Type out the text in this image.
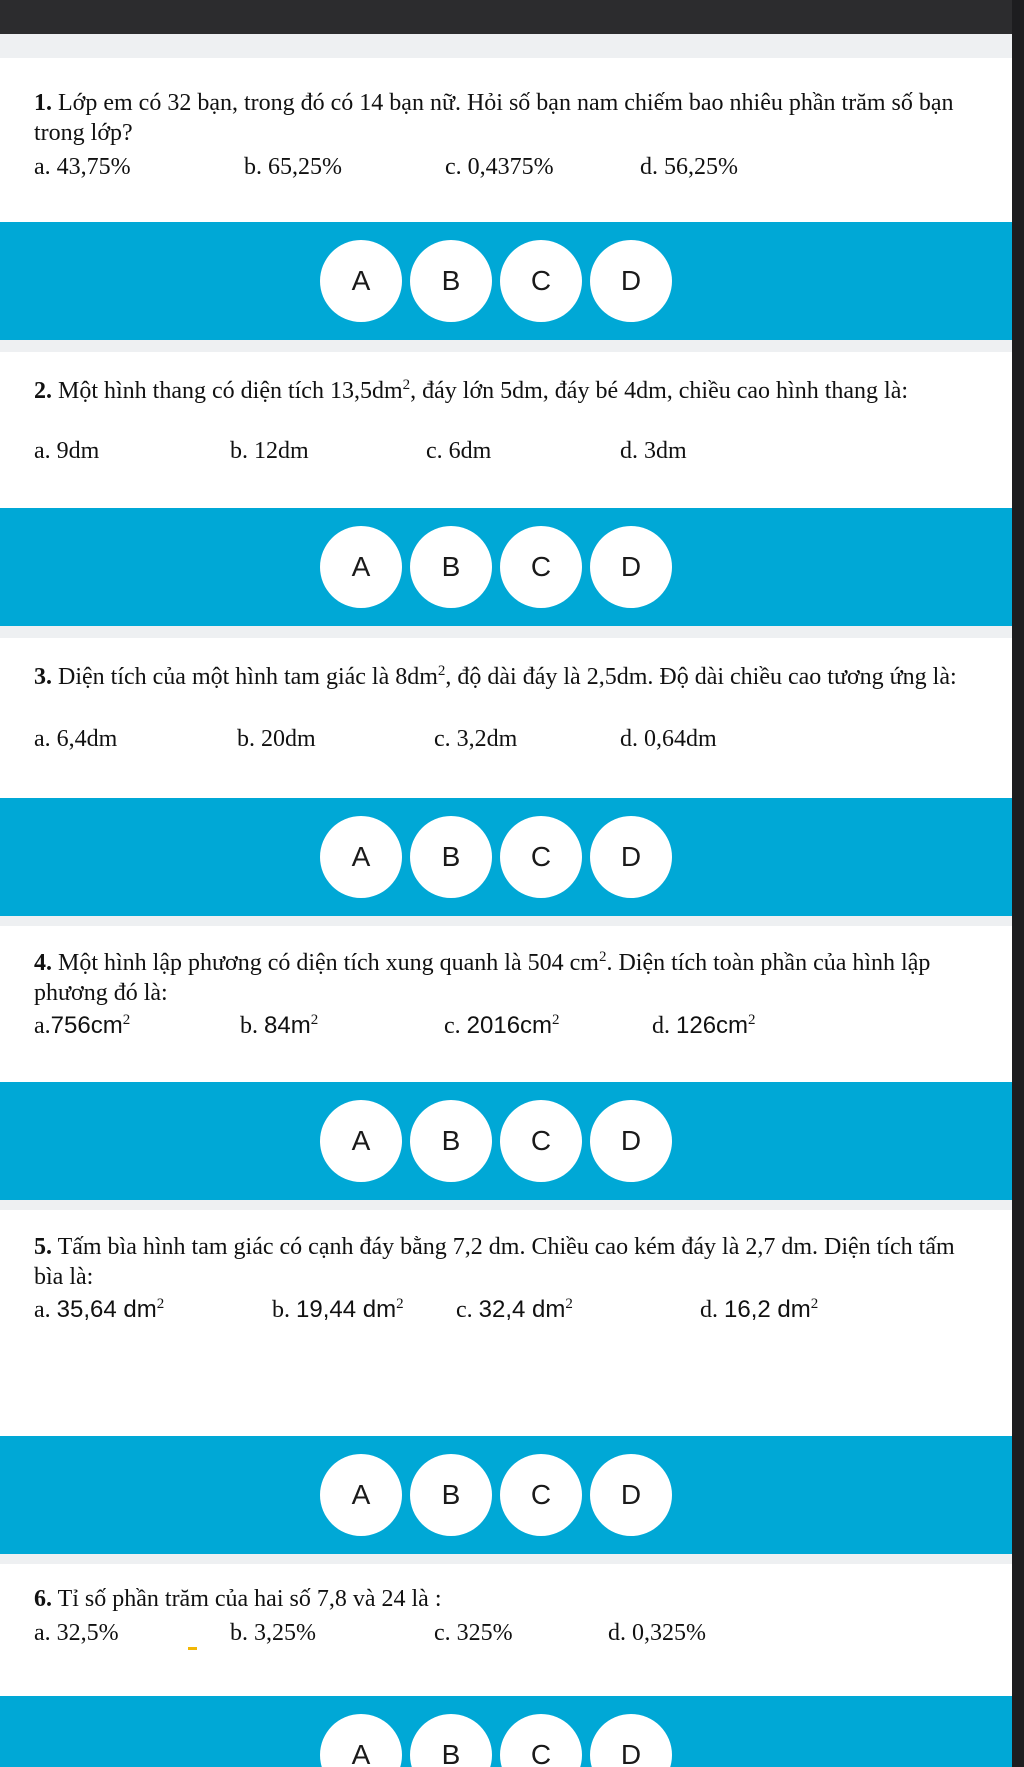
1. Lớp em có 32 bạn, trong đó có 14 bạn nữ. Hỏi số bạn nam chiếm bao nhiêu phần trăm số bạn trong lớp?
a. 43,75%	b. 65,25%	c. 0,4375%	d. 56,25%
A	B	C	D
2. Một hình thang có diện tích $13,5dm^2$, đáy lớn 5dm, đáy bé 4dm, chiều cao hình thang là:
a. 9dm	b. 12dm	c. 6dm	d. 3dm
A	B	C	D
3. Diện tích của một hình tam giác là $8dm^2$, độ dài đáy là 2,5dm. Độ dài chiều cao tương ứng là:
a. 6,4dm	b. 20dm	c. 3,2dm	d. 0,64dm
A	B	C	D
4. Một hình lập phương có diện tích xung quanh là 504 $cm^2$. Diện tích toàn phần của hình lập phương đó là:
$a.756cm^2$	b. $84m^2$	c. $2016cm^2$	d. $126cm^2$
A	B	C	D
5. Tấm bìa hình tam giác có cạnh đáy bằng 7,2 dm. Chiều cao kém đáy là 2,7 dm. Diện tích tấm bìa là:
a. 35,64 $dm^2$	b. 19,44 $dm^2$ c. 32,4 $dm^2$	d. 16,2 $dm^2$
A	B	C	D
6. Tỉ số phần trăm của hai số 7,8 và 24 là :
a. 32,5%	b. 3,25%	c. 325%	d. 0,325%
A	B	C	D
